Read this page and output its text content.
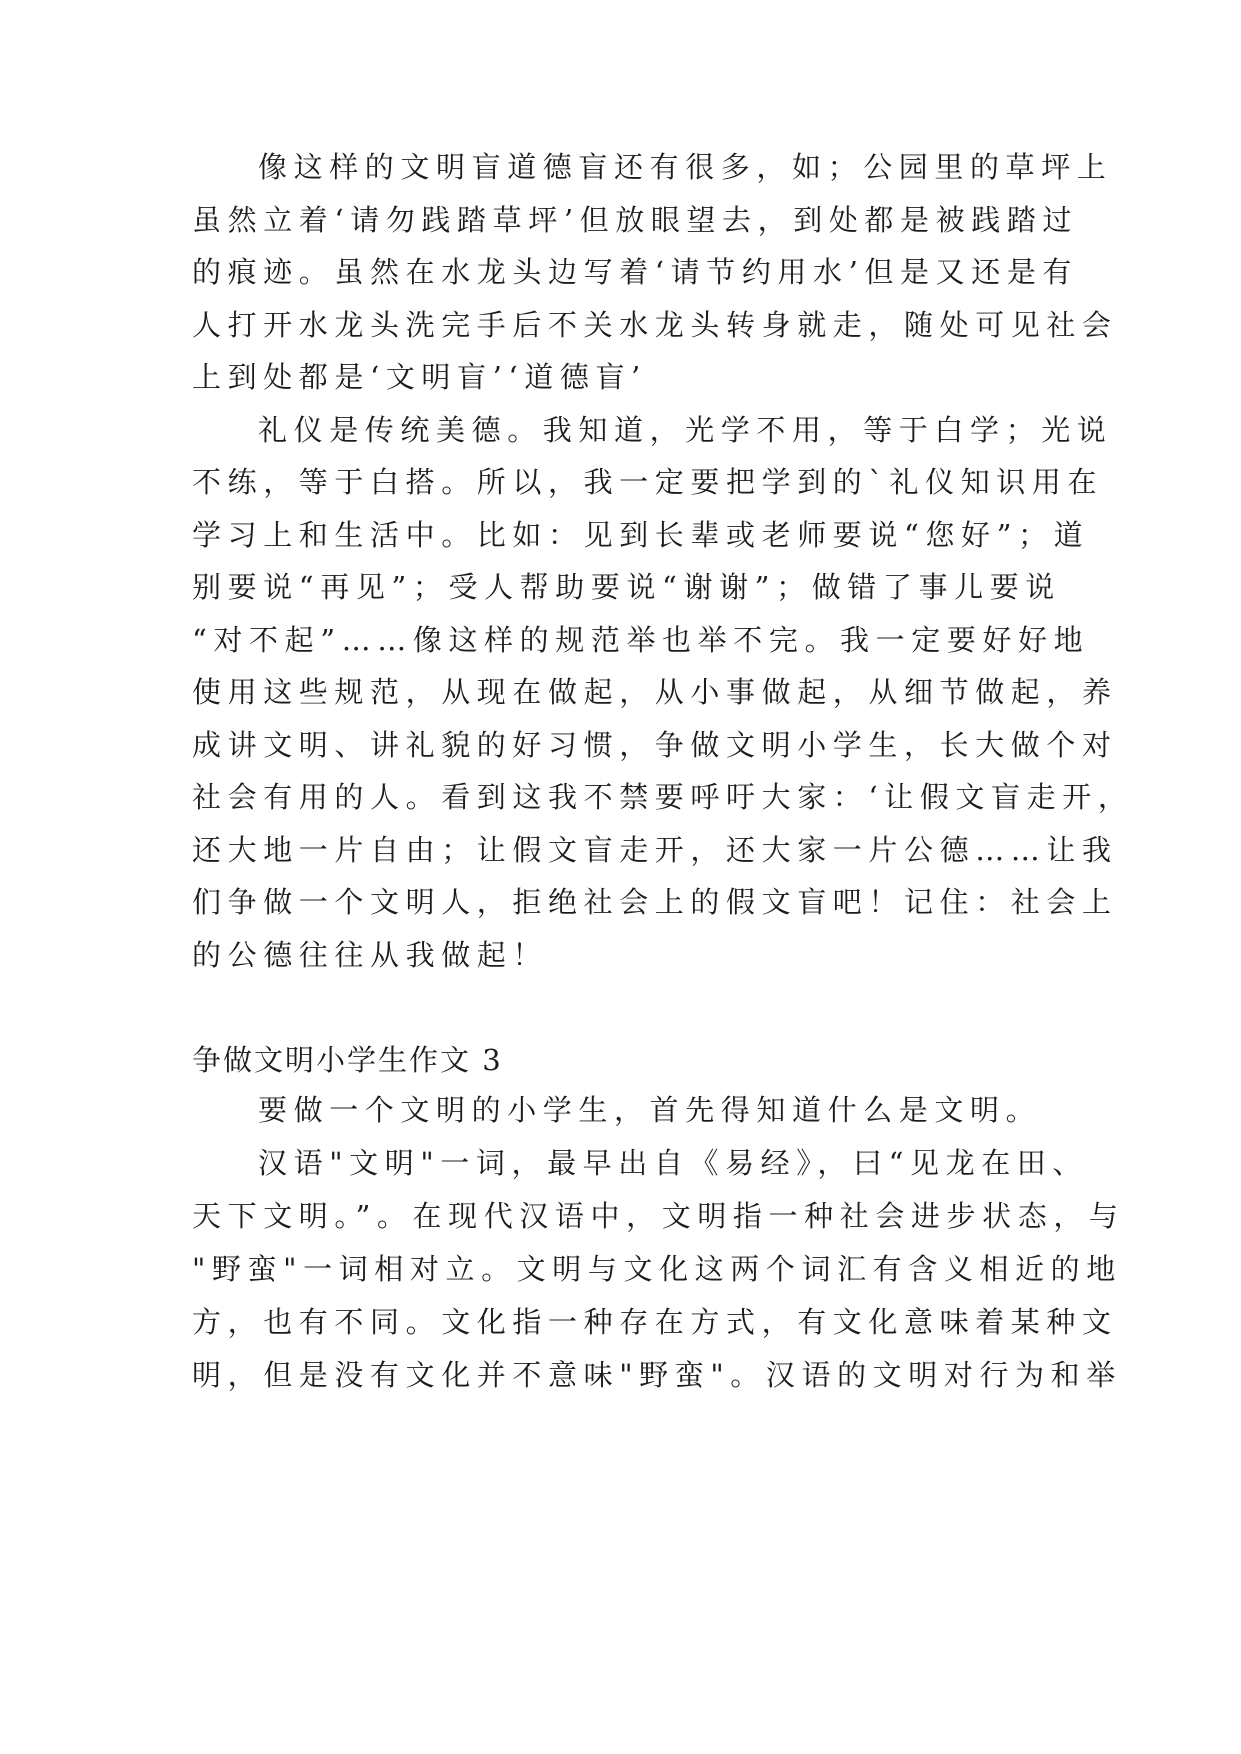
像这样的文明盲道德盲还有很多，如；公园里的草坪上
虽然立着‘请勿践踏草坪’但放眼望去，到处都是被践踏过
的痕迹。虽然在水龙头边写着‘请节约用水’但是又还是有
人打开水龙头洗完手后不关水龙头转身就走，随处可见社会
上到处都是‘文明盲’‘道德盲’
礼仪是传统美德。我知道，光学不用，等于白学；光说
不练，等于白搭。所以，我一定要把学到的`礼仪知识用在
学习上和生活中。比如：见到长辈或老师要说“您好”；道
别要说“再见”；受人帮助要说“谢谢”；做错了事儿要说
“对不起”……像这样的规范举也举不完。我一定要好好地
使用这些规范，从现在做起，从小事做起，从细节做起，养
成讲文明、讲礼貌的好习惯，争做文明小学生，长大做个对
社会有用的人。看到这我不禁要呼吁大家：‘让假文盲走开，
还大地一片自由；让假文盲走开，还大家一片公德……让我
们争做一个文明人，拒绝社会上的假文盲吧！记住：社会上
的公德往往从我做起！
争做文明小学生作文 3
要做一个文明的小学生，首先得知道什么是文明。
汉语"文明"一词，最早出自《易经》，曰“见龙在田、
天下文明。”。在现代汉语中，文明指一种社会进步状态，与
"野蛮"一词相对立。文明与文化这两个词汇有含义相近的地
方，也有不同。文化指一种存在方式，有文化意味着某种文
明，但是没有文化并不意味"野蛮"。汉语的文明对行为和举
